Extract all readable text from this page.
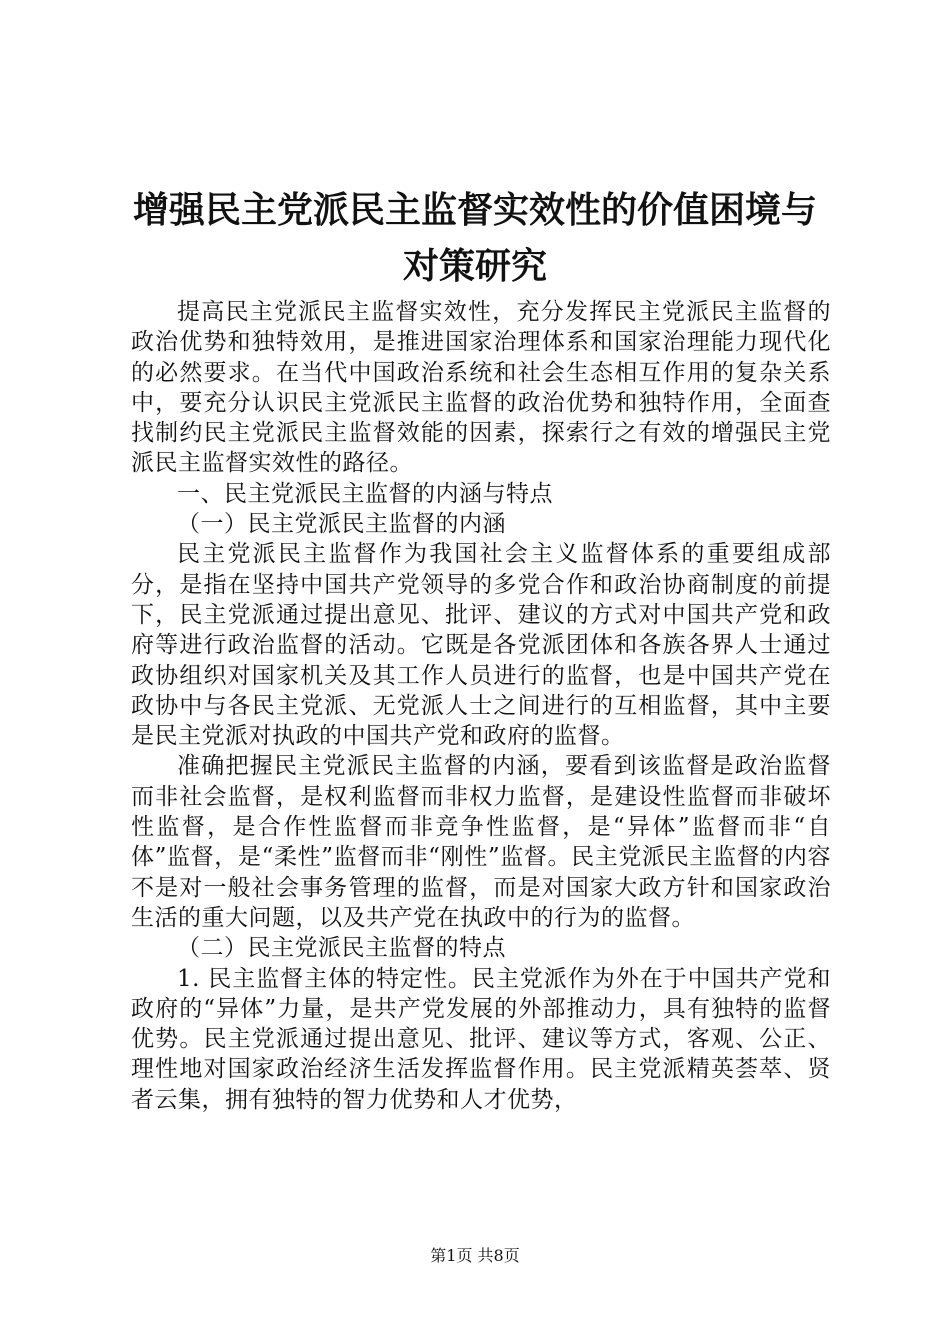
增强民主党派民主监督实效性的价值困境与对策研究

提高民主党派民主监督实效性，充分发挥民主党派民主监督的政治优势和独特效用，是推进国家治理体系和国家治理能力现代化的必然要求。在当代中国政治系统和社会生态相互作用的复杂关系中，要充分认识民主党派民主监督的政治优势和独特作用，全面查找制约民主党派民主监督效能的因素，探索行之有效的增强民主党派民主监督实效性的路径。

一、民主党派民主监督的内涵与特点

（一）民主党派民主监督的内涵

民主党派民主监督作为我国社会主义监督体系的重要组成部分，是指在坚持中国共产党领导的多党合作和政治协商制度的前提下，民主党派通过提出意见、批评、建议的方式对中国共产党和政府等进行政治监督的活动。它既是各党派团体和各族各界人士通过政协组织对国家机关及其工作人员进行的监督，也是中国共产党在政协中与各民主党派、无党派人士之间进行的互相监督，其中主要是民主党派对执政的中国共产党和政府的监督。

准确把握民主党派民主监督的内涵，要看到该监督是政治监督而非社会监督，是权利监督而非权力监督，是建设性监督而非破坏性监督，是合作性监督而非竞争性监督，是“异体”监督而非“自体”监督，是“柔性”监督而非“刚性”监督。民主党派民主监督的内容不是对一般社会事务管理的监督，而是对国家大政方针和国家政治生活的重大问题，以及共产党在执政中的行为的监督。

（二）民主党派民主监督的特点

1. 民主监督主体的特定性。民主党派作为外在于中国共产党和政府的“异体”力量，是共产党发展的外部推动力，具有独特的监督优势。民主党派通过提出意见、批评、建议等方式，客观、公正、理性地对国家政治经济生活发挥监督作用。民主党派精英荟萃、贤者云集，拥有独特的智力优势和人才优势，

第1页 共8页
